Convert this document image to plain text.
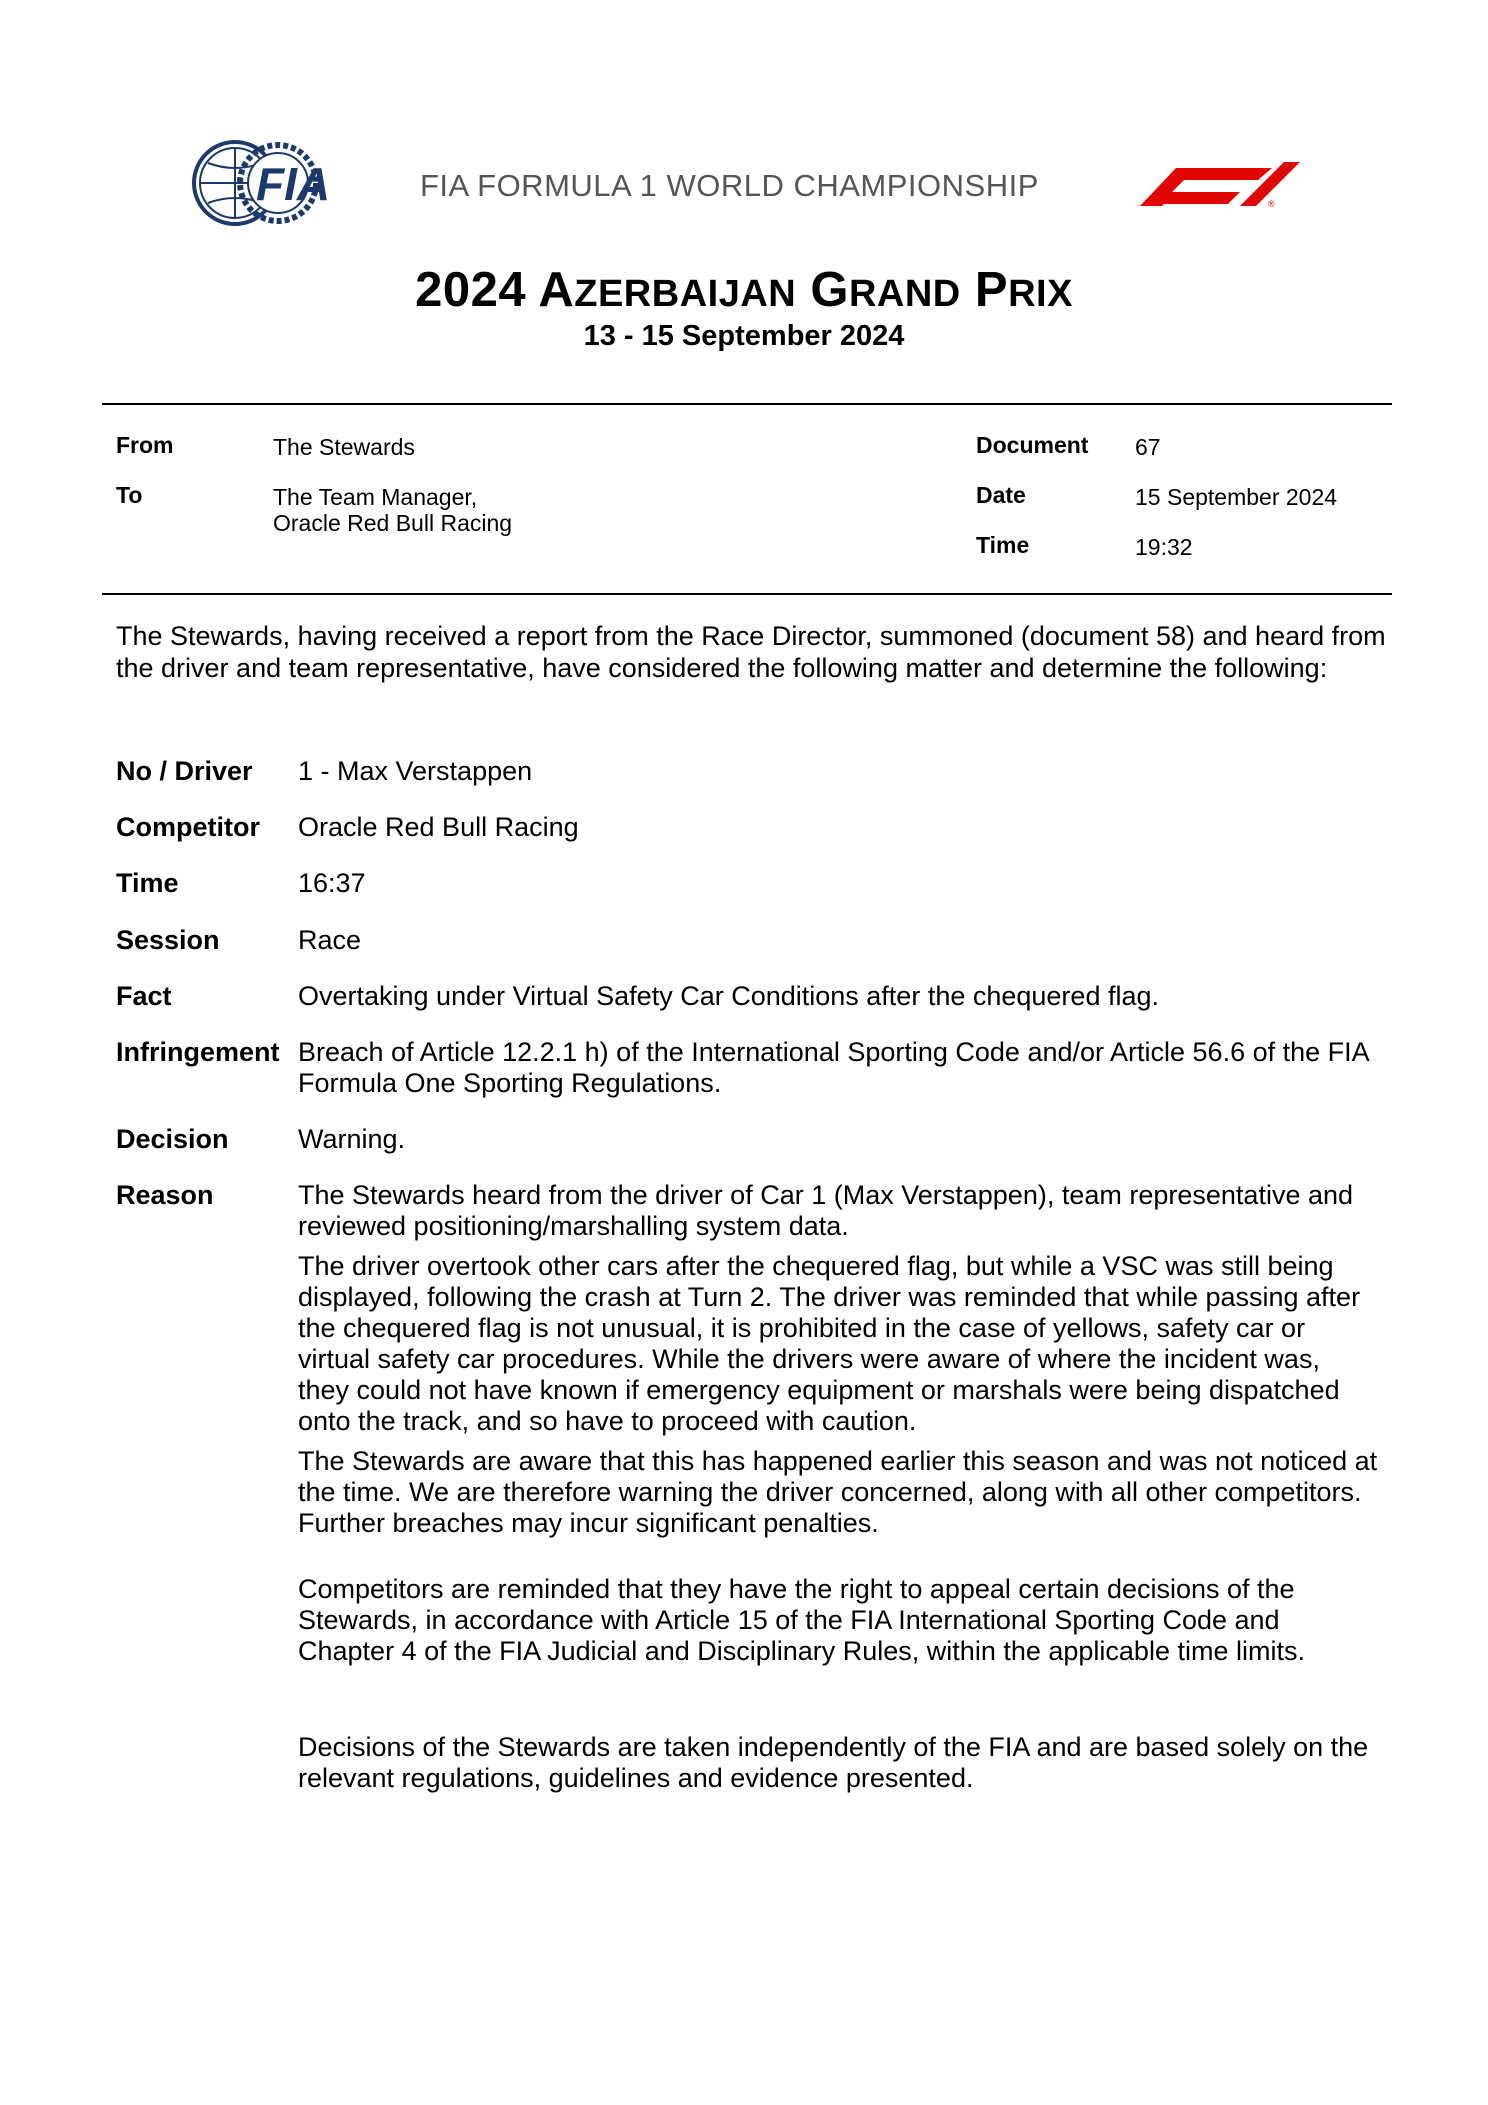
FIA	FIA FORMULA 1 WORLD CHAMPIONSHIP
®
F1
2024 AZERBAIJAN GRAND PRIX
13 - 15 September 2024
From	The Stewards
To	The Team Manager,
Oracle Red Bull Racing
Document 67
Date	15 September 2024
Time	19:32
The Stewards, having received a report from the Race Director, summoned (document 58) and heard from the driver and team representative, have considered the following matter and determine the following:
No / Driver 1 - Max Verstappen
Competitor Oracle Red Bull Racing
Time	16:37
Session	Race
Fact	Overtaking under Virtual Safety Car Conditions after the chequered flag.
Infringement Breach of Article 12.2.1 h) of the International Sporting Code and/or Article 56.6 of the FIA Formula One Sporting Regulations.
Decision	Warning.
Reason	The Stewards heard from the driver of Car 1 (Max Verstappen), team representative and reviewed positioning/marshalling system data.

The driver overtook other cars after the chequered flag, but while a VSC was still being displayed, following the crash at Turn 2. The driver was reminded that while passing after the chequered flag is not unusual, it is prohibited in the case of yellows, safety car or virtual safety car procedures. While the drivers were aware of where the incident was, they could not have known if emergency equipment or marshals were being dispatched onto the track, and so have to proceed with caution.

The Stewards are aware that this has happened earlier this season and was not noticed at the time. We are therefore warning the driver concerned, along with all other competitors. Further breaches may incur significant penalties.

Competitors are reminded that they have the right to appeal certain decisions of the Stewards, in accordance with Article 15 of the FIA International Sporting Code and Chapter 4 of the FIA Judicial and Disciplinary Rules, within the applicable time limits.
Decisions of the Stewards are taken independently of the FIA and are based solely on the relevant regulations, guidelines and evidence presented.
